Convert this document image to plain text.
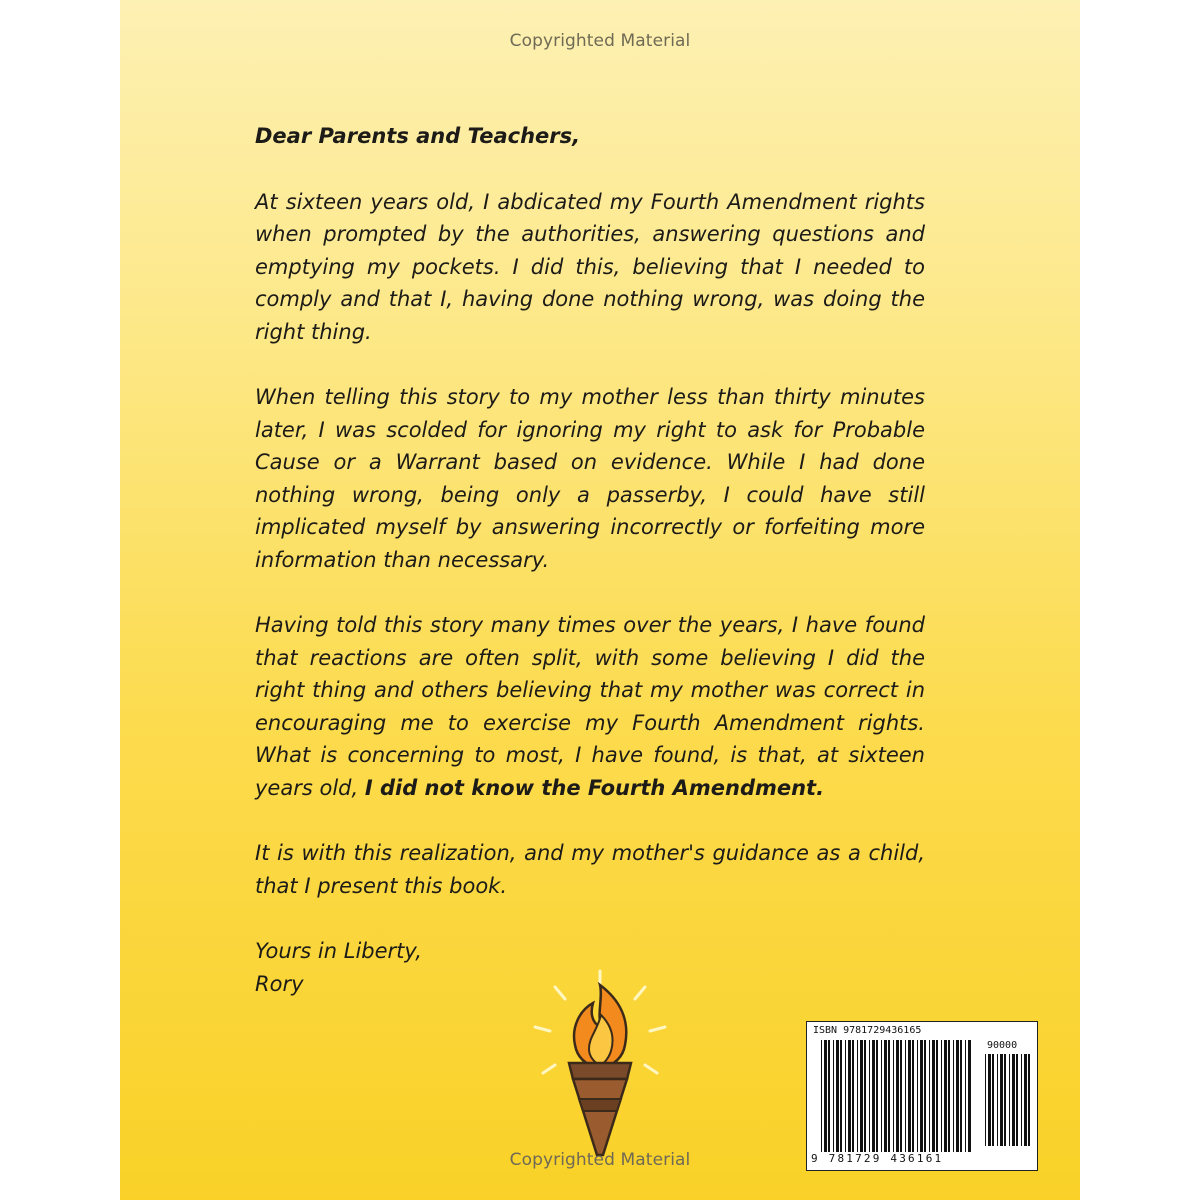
Copyrighted Material

Dear Parents and Teachers,

At sixteen years old, I abdicated my Fourth Amendment rights when prompted by the authorities, answering questions and emptying my pockets. I did this, believing that I needed to comply and that I, having done nothing wrong, was doing the right thing.

When telling this story to my mother less than thirty minutes later, I was scolded for ignoring my right to ask for Probable Cause or a Warrant based on evidence. While I had done nothing wrong, being only a passerby, I could have still implicated myself by answering incorrectly or forfeiting more information than necessary.

Having told this story many times over the years, I have found that reactions are often split, with some believing I did the right thing and others believing that my mother was correct in encouraging me to exercise my Fourth Amendment rights. What is concerning to most, I have found, is that, at sixteen years old, I did not know the Fourth Amendment.

It is with this realization, and my mother's guidance as a child, that I present this book.

Yours in Liberty,

Rory

ISBN 9781729436165
90000
9 781729 436161
Copyrighted Material
